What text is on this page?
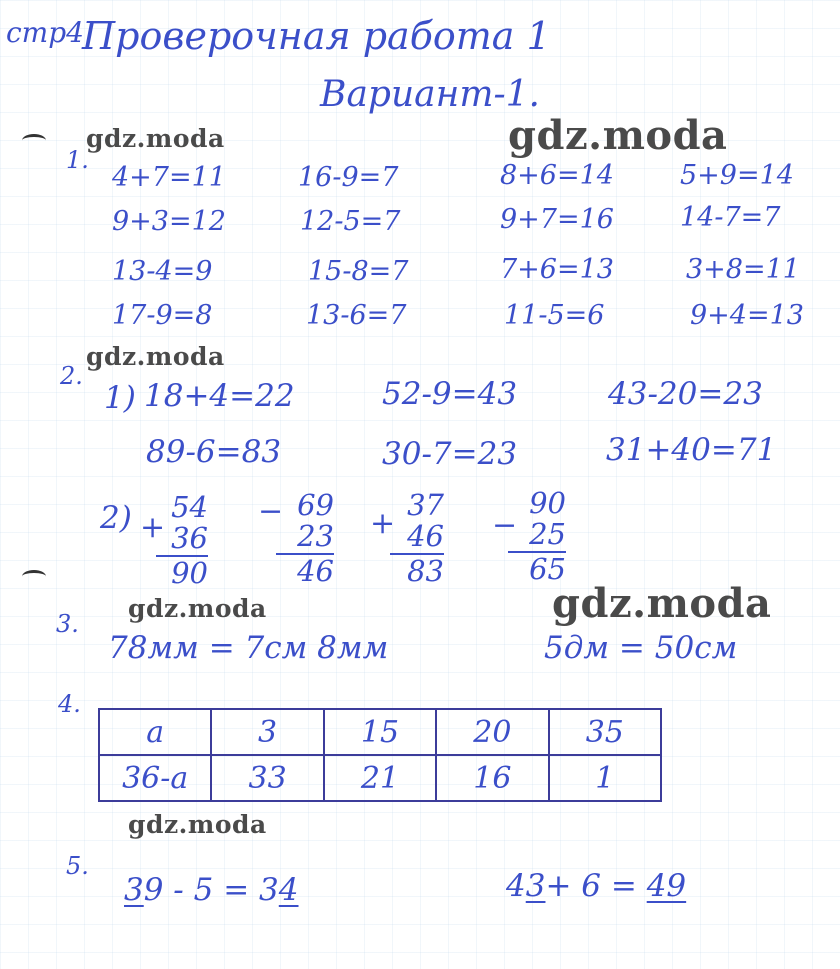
стр4
Проверочная работа 1
Вариант-1.
gdz.moda	gdz.moda
gdz.moda
gdz.moda	gdz.moda
gdz.moda
1.
4+7=11	16-9=7	8+6=14 5+9=14
9+3=12	12-5=7	9+7=16 14-7=7
13-4=9	15-8=7	7+6=13	3+8=11
17-9=8	13-6=7	11-5=6	9+4=13
2.
1) 18+4=22	52-9=43	43-20=23
89-6=83	30-7=23	31+40=71
2) +
54
36
90
− 69
23
46
+
37
46
83
−
90
25
65
3.
78мм = 7см 8мм	5дм = 50см
4.
a	3	15	20	35
36-a	33	21	16	1
5.
39 - 5 = 34	43+ 6 = 49
